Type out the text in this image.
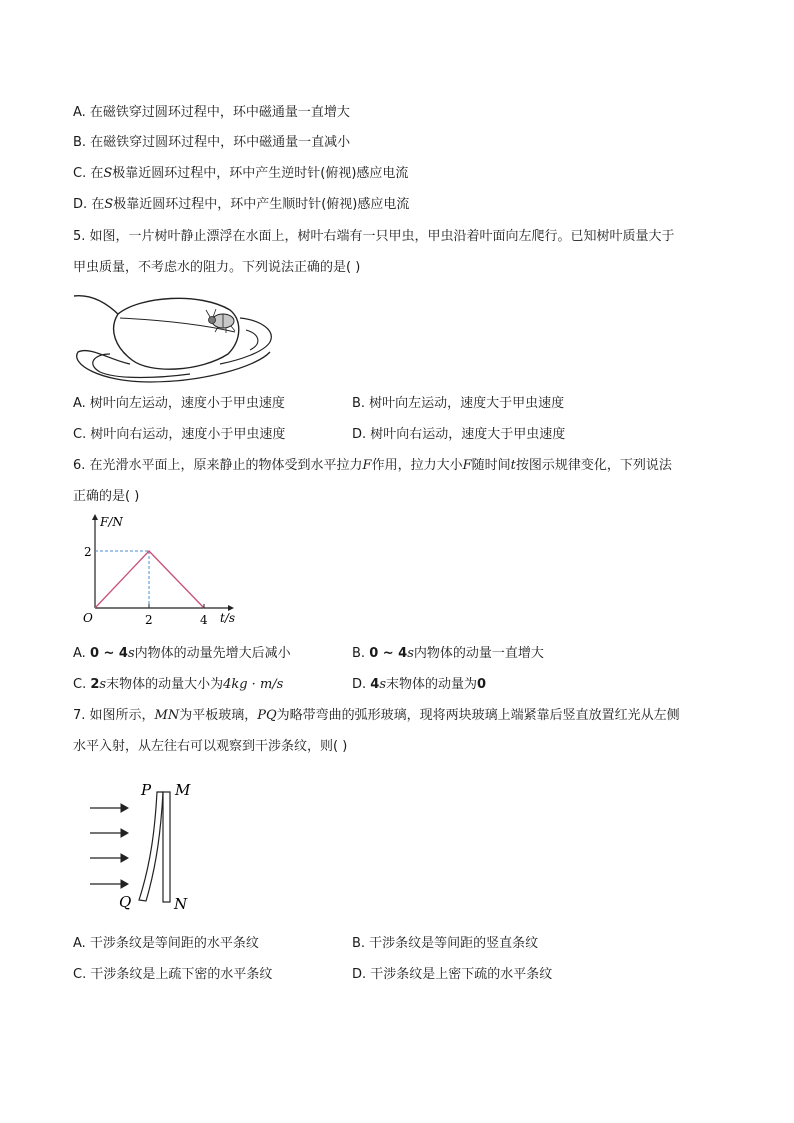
A. 在磁铁穿过圆环过程中，环中磁通量一直增大
B. 在磁铁穿过圆环过程中，环中磁通量一直减小
C. 在S极靠近圆环过程中，环中产生逆时针(俯视)感应电流
D. 在S极靠近圆环过程中，环中产生顺时针(俯视)感应电流
5. 如图，一片树叶静止漂浮在水面上，树叶右端有一只甲虫，甲虫沿着叶面向左爬行。已知树叶质量大于
甲虫质量，不考虑水的阻力。下列说法正确的是( )
A. 树叶向左运动，速度小于甲虫速度	B. 树叶向左运动，速度大于甲虫速度
C. 树叶向右运动，速度小于甲虫速度	D. 树叶向右运动，速度大于甲虫速度
6. 在光滑水平面上，原来静止的物体受到水平拉力F作用，拉力大小F随时间t按图示规律变化，下列说法
正确的是( )
F/N
2
O	2	4 t/s
A. 0 ~ 4s内物体的动量先增大后减小	B. 0 ~ 4s内物体的动量一直增大
C. 2s末物体的动量大小为4kg · m/s	D. 4s末物体的动量为0
7. 如图所示，MN为平板玻璃，PQ为略带弯曲的弧形玻璃，现将两块玻璃上端紧靠后竖直放置红光从左侧
水平入射，从左往右可以观察到干涉条纹，则( )
P M
Q	N
A. 干涉条纹是等间距的水平条纹	B. 干涉条纹是等间距的竖直条纹
C. 干涉条纹是上疏下密的水平条纹	D. 干涉条纹是上密下疏的水平条纹
